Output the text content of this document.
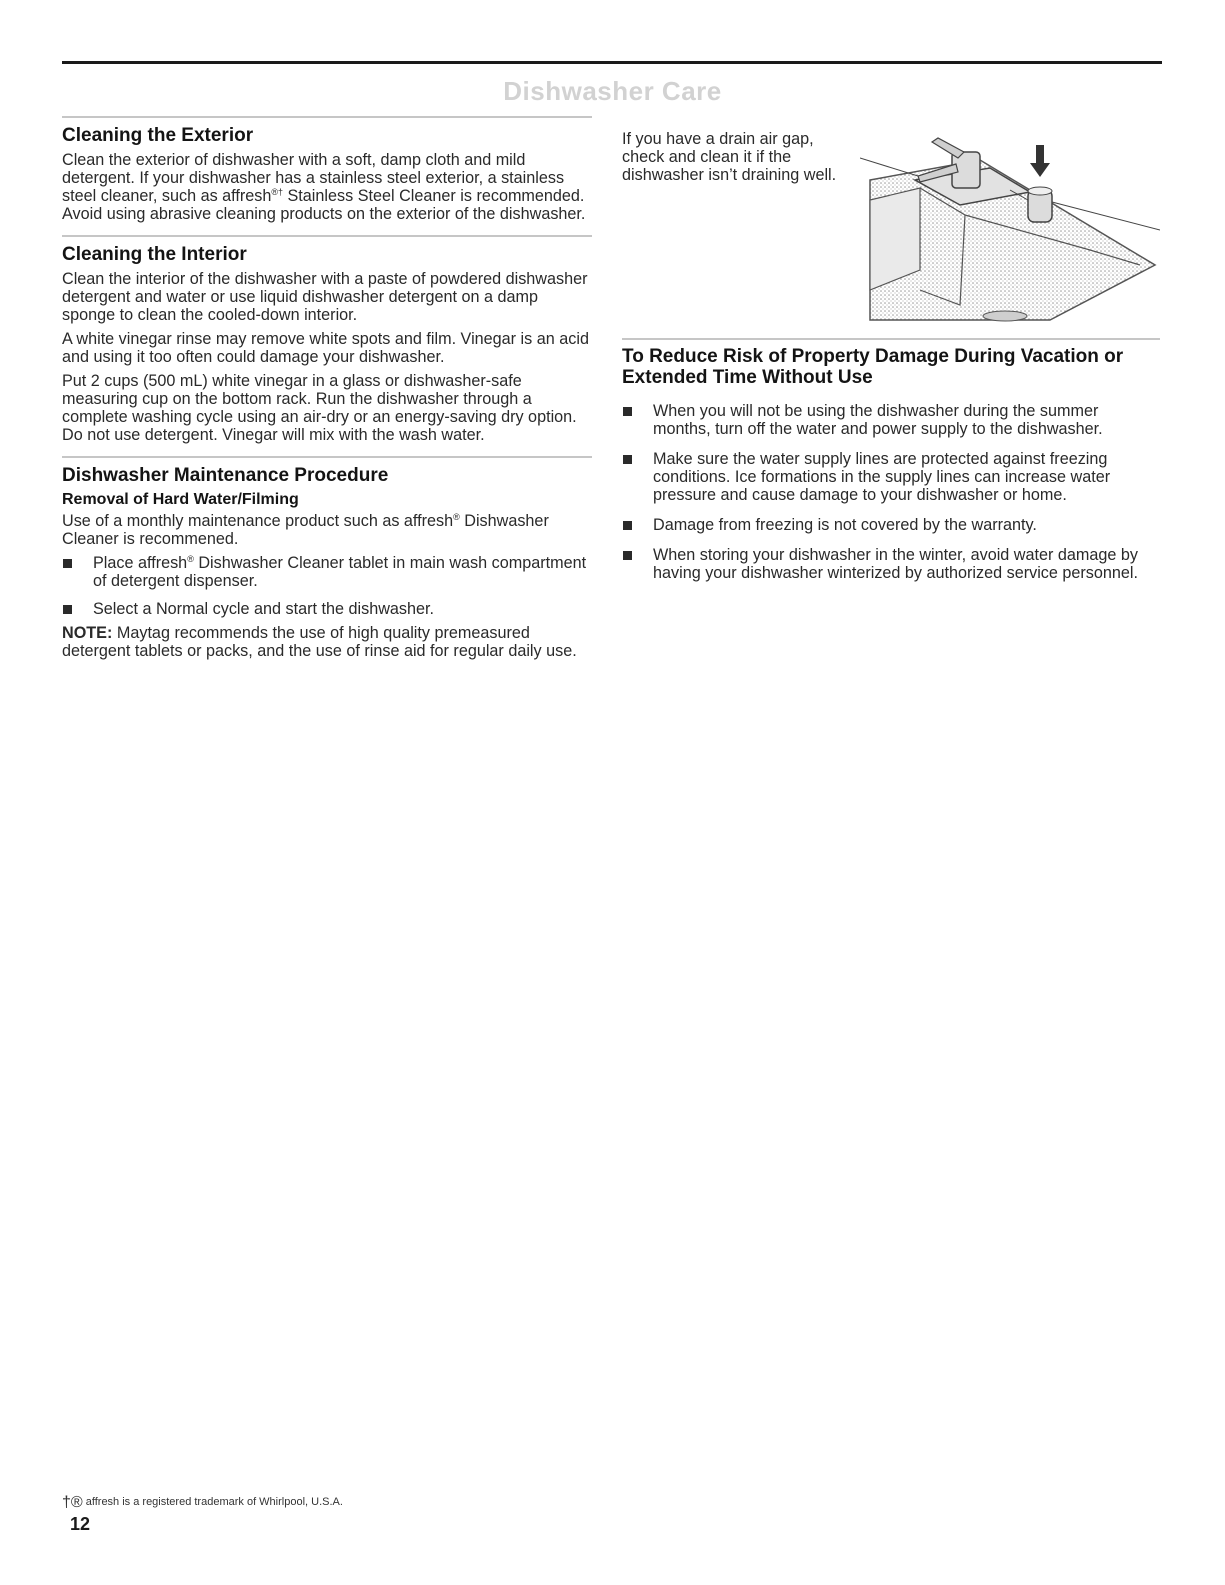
Dishwasher Care
Cleaning the Exterior

Clean the exterior of dishwasher with a soft, damp cloth and mild detergent. If your dishwasher has a stainless steel exterior, a stainless steel cleaner, such as affresh®† Stainless Steel Cleaner is recommended. Avoid using abrasive cleaning products on the exterior of the dishwasher.

Cleaning the Interior

Clean the interior of the dishwasher with a paste of powdered dishwasher detergent and water or use liquid dishwasher detergent on a damp sponge to clean the cooled-down interior.

A white vinegar rinse may remove white spots and film. Vinegar is an acid and using it too often could damage your dishwasher.

Put 2 cups (500 mL) white vinegar in a glass or dishwasher-safe measuring cup on the bottom rack. Run the dishwasher through a complete washing cycle using an air-dry or an energy-saving dry option. Do not use detergent. Vinegar will mix with the wash water.

Dishwasher Maintenance Procedure
Removal of Hard Water/Filming

Use of a monthly maintenance product such as affresh® Dishwasher Cleaner is recommened.

Place affresh® Dishwasher Cleaner tablet in main wash compartment of detergent dispenser.
Select a Normal cycle and start the dishwasher.

NOTE: Maytag recommends the use of high quality premeasured detergent tablets or packs, and the use of rinse aid for regular daily use.

If you have a drain air gap, check and clean it if the dishwasher isn’t draining well.

To Reduce Risk of Property Damage During Vacation or Extended Time Without Use
When you will not be using the dishwasher during the summer months, turn off the water and power supply to the dishwasher.
Make sure the water supply lines are protected against freezing conditions. Ice formations in the supply lines can increase water pressure and cause damage to your dishwasher or home.
Damage from freezing is not covered by the warranty.
When storing your dishwasher in the winter, avoid water damage by having your dishwasher winterized by authorized service personnel.
†® affresh is a registered trademark of Whirlpool, U.S.A.
12
